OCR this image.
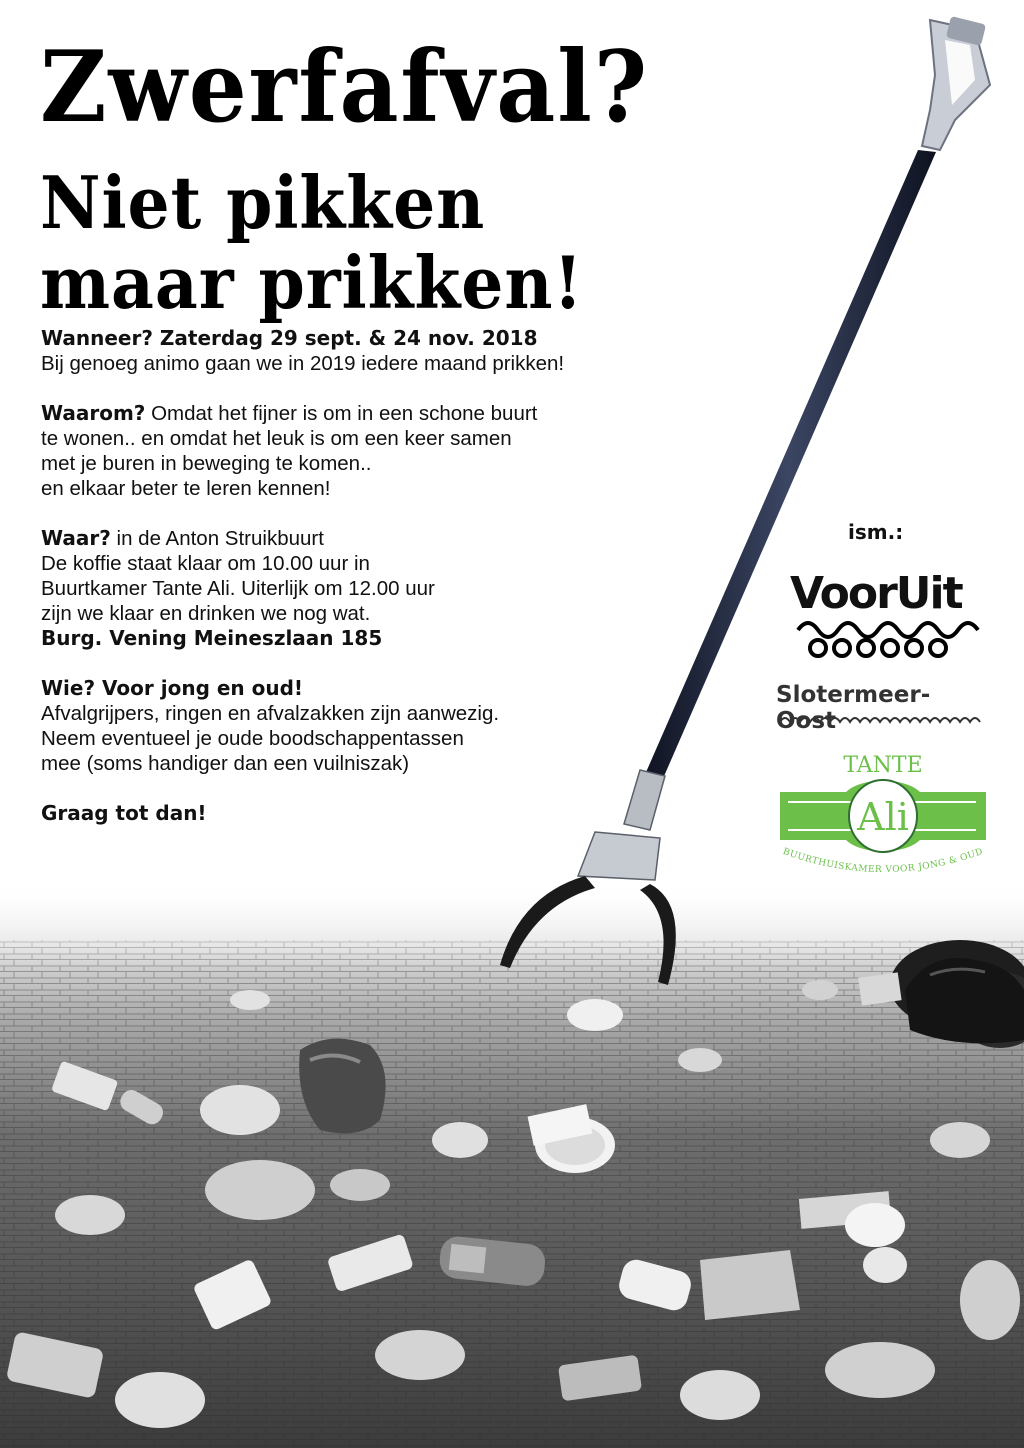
Zwerfafval?
Niet pikken
maar prikken!

Wanneer? Zaterdag 29 sept. & 24 nov. 2018

Bij genoeg animo gaan we in 2019 iedere maand prikken!

Waarom? Omdat het fijner is om in een schone buurt

te wonen.. en omdat het leuk is om een keer samen

met je buren in beweging te komen..

en elkaar beter te leren kennen!

Waar? in de Anton Struikbuurt

De koffie staat klaar om 10.00 uur in

Buurtkamer Tante Ali. Uiterlijk om 12.00 uur

zijn we klaar en drinken we nog wat.

Burg. Vening Meineszlaan 185

Wie? Voor jong en oud!

Afvalgrijpers, ringen en afvalzakken zijn aanwezig.

Neem eventueel je oude boodschappentassen

mee (soms handiger dan een vuilniszak)

Graag tot dan!

ism.:
VoorUit
Slotermeer-Oost
TANTE
Ali
BUURTHUISKAMER VOOR JONG & OUD
